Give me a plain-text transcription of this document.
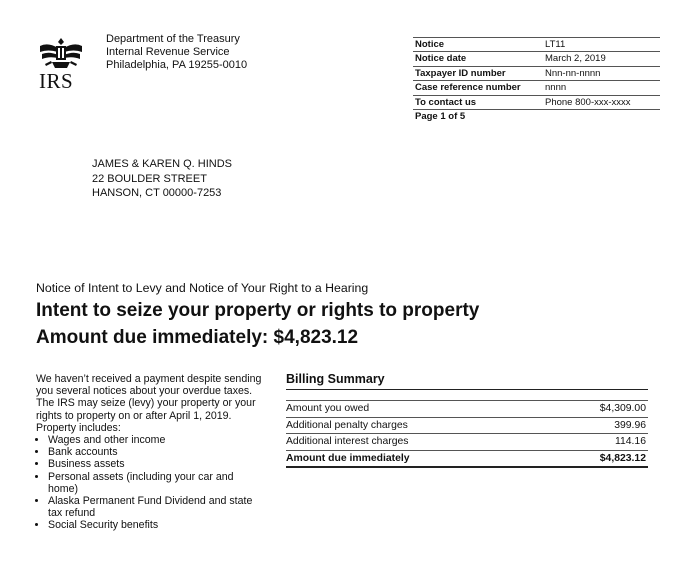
IRS
Department of the Treasury
Internal Revenue Service
Philadelphia, PA 19255-0010
Notice	LT11
Notice date	March 2, 2019
Taxpayer ID number	Nnn-nn-nnnn
Case reference number	nnnn
To contact us	Phone 800-xxx-xxxx
Page 1 of 5
JAMES & KAREN Q. HINDS
22 BOULDER STREET
HANSON, CT 00000-7253
Notice of Intent to Levy and Notice of Your Right to a Hearing
Intent to seize your property or rights to property
Amount due immediately: $4,823.12

We haven’t received a payment despite sending you several notices about your overdue taxes. The IRS may seize (levy) your property or your rights to property on or after April 1, 2019.

Property includes:
• Wages and other income
• Bank accounts
• Business assets
• Personal assets (including your car and home)
• Alaska Permanent Fund Dividend and state tax refund
• Social Security benefits
Billing Summary
Amount you owed	$4,309.00
Additional penalty charges	399.96
Additional interest charges	114.16
Amount due immediately	$4,823.12
